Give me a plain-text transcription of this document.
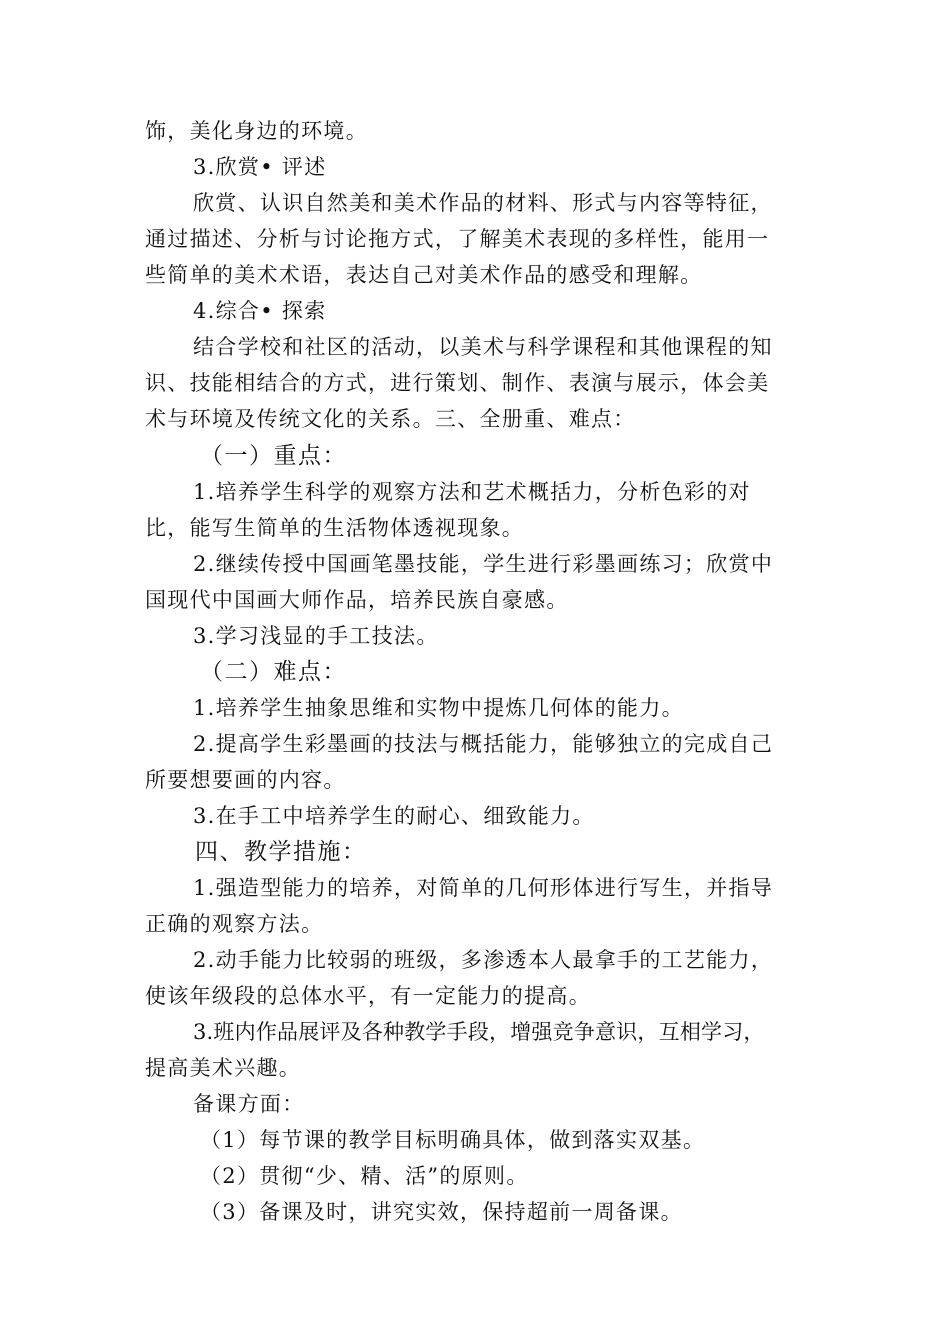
饰，美化身边的环境。
3.欣赏• 评述
欣赏、认识自然美和美术作品的材料、形式与内容等特征，
通过描述、分析与讨论拖方式，了解美术表现的多样性，能用一
些简单的美术术语，表达自己对美术作品的感受和理解。
4.综合• 探索
结合学校和社区的活动，以美术与科学课程和其他课程的知
识、技能相结合的方式，进行策划、制作、表演与展示，体会美
术与环境及传统文化的关系。三、全册重、难点：
（一）重点：
1.培养学生科学的观察方法和艺术概括力，分析色彩的对
比，能写生简单的生活物体透视现象。
2.继续传授中国画笔墨技能，学生进行彩墨画练习；欣赏中
国现代中国画大师作品，培养民族自豪感。
3.学习浅显的手工技法。
（二）难点：
1.培养学生抽象思维和实物中提炼几何体的能力。
2.提高学生彩墨画的技法与概括能力，能够独立的完成自己
所要想要画的内容。
3.在手工中培养学生的耐心、细致能力。
四、教学措施：
1.强造型能力的培养，对简单的几何形体进行写生，并指导
正确的观察方法。
2.动手能力比较弱的班级，多渗透本人最拿手的工艺能力，
使该年级段的总体水平，有一定能力的提高。
3.班内作品展评及各种教学手段，增强竞争意识，互相学习，
提高美术兴趣。
备课方面：
（1）每节课的教学目标明确具体，做到落实双基。
（2）贯彻“少、精、活”的原则。
（3）备课及时，讲究实效，保持超前一周备课。
